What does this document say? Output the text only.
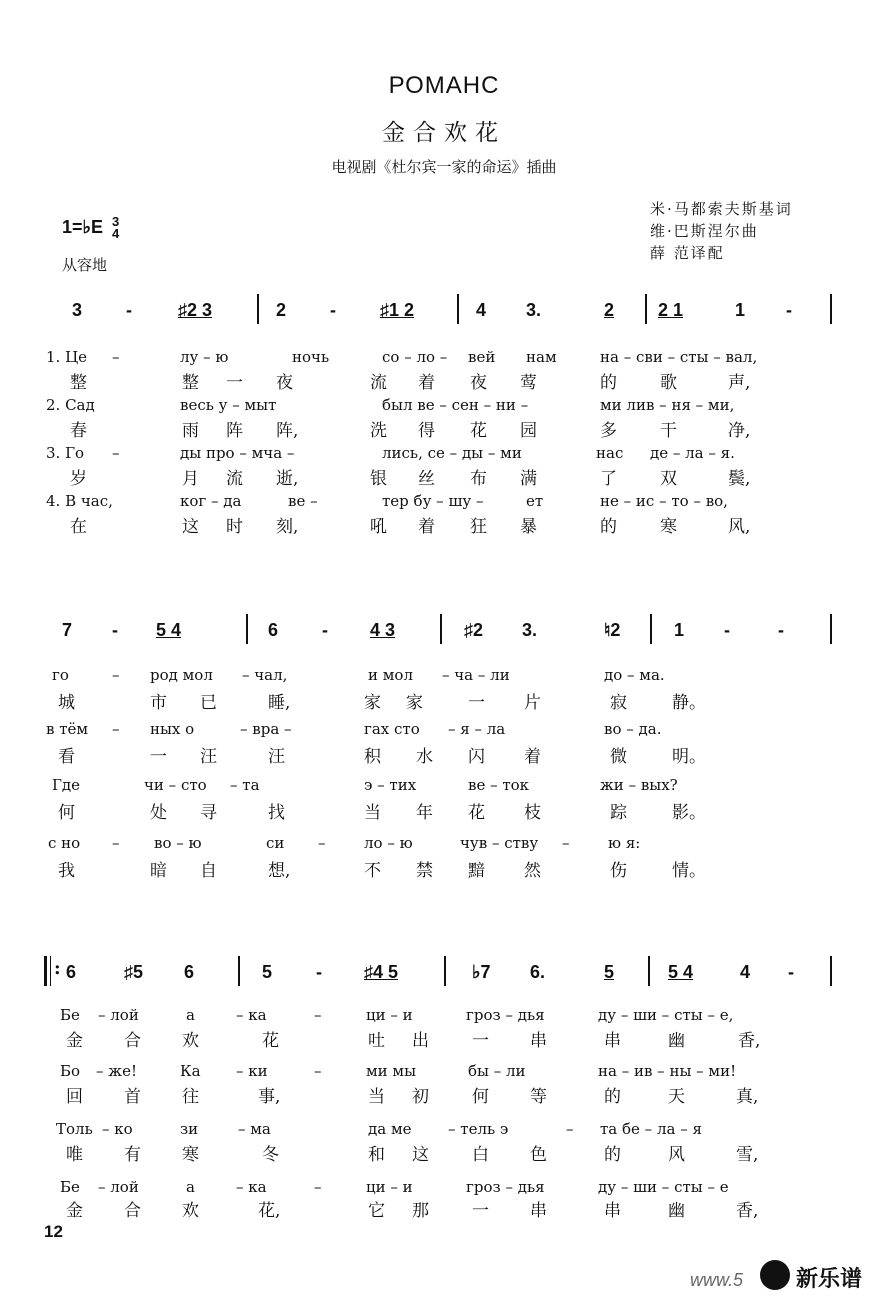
РОМАНС
金合欢花
电视剧《杜尔宾一家的命运》插曲
米·马都索夫斯基词
维·巴斯涅尔曲
薛 范译配
1=♭E 3
4
从容地
3 -	♯2 3	2 - ♯1 2	4 3.	2 2 1	1 -
1. Це –	лу – ю	ночь	со – ло – вей нам	на – сви – сты – вал,
整	整 一 夜	流 着 夜 莺	的	歌	声,
2. Сад	весь у – мыт	был ве – сен – ни –	ми лив – ня – ми,
春	雨 阵 阵,	洗 得 花 园	多	干	净,
3. Го –	ды про – мча –	лись, се – ды – ми	нас де – ла – я.
岁	月 流 逝,	银 丝 布 满	了	双	鬓,
4. В час,	ког – да	ве –	тер бу – шу –	ет	не – ис – то – во,
在	这 时 刻,	吼 着 狂 暴	的	寒	风,
7 - 5 4	6 - 4 3	♯2 3.	♮2	1 -	-
го	– род мол – чал,	и мол – ча – ли	до – ма.
城	市 已	睡,	家 家	一 片	寂	静。
в тём – ных о	– вра –	гах сто – я – ла	во – да.
看	一 汪	汪	积 水 闪 着	微	明。
Где	чи – сто – та	э – тих	ве – ток	жи – вых?
何	处 寻	找	当 年 花 枝	踪	影。
с но – во – ю	си –	ло – ю	чув – ству –	ю я:
我	暗 自	想,	不 禁 黯 然	伤	情。
: 6	♯5 6	5 - ♯4 5	♭7 6.	5	5 4	4 -
Бе – лой	а	– ка	–	ци – и	гроз – дья	ду – ши – сты – е,
金 合 欢	花	吐 出	一 串	串	幽	香,
Бо – же!	Ка – ки	–	ми мы	бы – ли	на – ив – ны – ми!
回 首 往	事,	当 初	何 等	的	天	真,
Толь – ко	зи	– ма	да ме – тель э	– та бе – ла – я
唯 有 寒	冬	和 这	白 色	的	风	雪,
Бе – лой	а	– ка	–	ци – и	гроз – дья	ду – ши – сты – е
金 合 欢	花,	它 那	一 串	串	幽	香,
12
www.5 新乐谱
